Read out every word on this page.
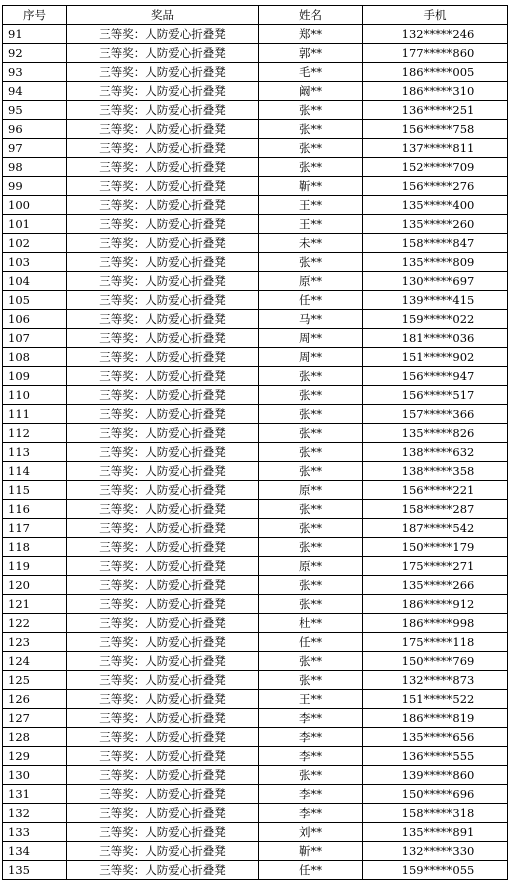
序号	奖品	姓名	手机
91	三等奖：人防爱心折叠凳	郑**	132*****246
92	三等奖：人防爱心折叠凳	郭**	177*****860
93	三等奖：人防爱心折叠凳	毛**	186*****005
94	三等奖：人防爱心折叠凳	阚**	186*****310
95	三等奖：人防爱心折叠凳	张**	136*****251
96	三等奖：人防爱心折叠凳	张**	156*****758
97	三等奖：人防爱心折叠凳	张**	137*****811
98	三等奖：人防爱心折叠凳	张**	152*****709
99	三等奖：人防爱心折叠凳	靳**	156*****276
100	三等奖：人防爱心折叠凳	王**	135*****400
101	三等奖：人防爱心折叠凳	王**	135*****260
102	三等奖：人防爱心折叠凳	未**	158*****847
103	三等奖：人防爱心折叠凳	张**	135*****809
104	三等奖：人防爱心折叠凳	原**	130*****697
105	三等奖：人防爱心折叠凳	任**	139*****415
106	三等奖：人防爱心折叠凳	马**	159*****022
107	三等奖：人防爱心折叠凳	周**	181*****036
108	三等奖：人防爱心折叠凳	周**	151*****902
109	三等奖：人防爱心折叠凳	张**	156*****947
110	三等奖：人防爱心折叠凳	张**	156*****517
111	三等奖：人防爱心折叠凳	张**	157*****366
112	三等奖：人防爱心折叠凳	张**	135*****826
113	三等奖：人防爱心折叠凳	张**	138*****632
114	三等奖：人防爱心折叠凳	张**	138*****358
115	三等奖：人防爱心折叠凳	原**	156*****221
116	三等奖：人防爱心折叠凳	张**	158*****287
117	三等奖：人防爱心折叠凳	张**	187*****542
118	三等奖：人防爱心折叠凳	张**	150*****179
119	三等奖：人防爱心折叠凳	原**	175*****271
120	三等奖：人防爱心折叠凳	张**	135*****266
121	三等奖：人防爱心折叠凳	张**	186*****912
122	三等奖：人防爱心折叠凳	杜**	186*****998
123	三等奖：人防爱心折叠凳	任**	175*****118
124	三等奖：人防爱心折叠凳	张**	150*****769
125	三等奖：人防爱心折叠凳	张**	132*****873
126	三等奖：人防爱心折叠凳	王**	151*****522
127	三等奖：人防爱心折叠凳	李**	186*****819
128	三等奖：人防爱心折叠凳	李**	135*****656
129	三等奖：人防爱心折叠凳	李**	136*****555
130	三等奖：人防爱心折叠凳	张**	139*****860
131	三等奖：人防爱心折叠凳	李**	150*****696
132	三等奖：人防爱心折叠凳	李**	158*****318
133	三等奖：人防爱心折叠凳	刘**	135*****891
134	三等奖：人防爱心折叠凳	靳**	132*****330
135	三等奖：人防爱心折叠凳	任**	159*****055
